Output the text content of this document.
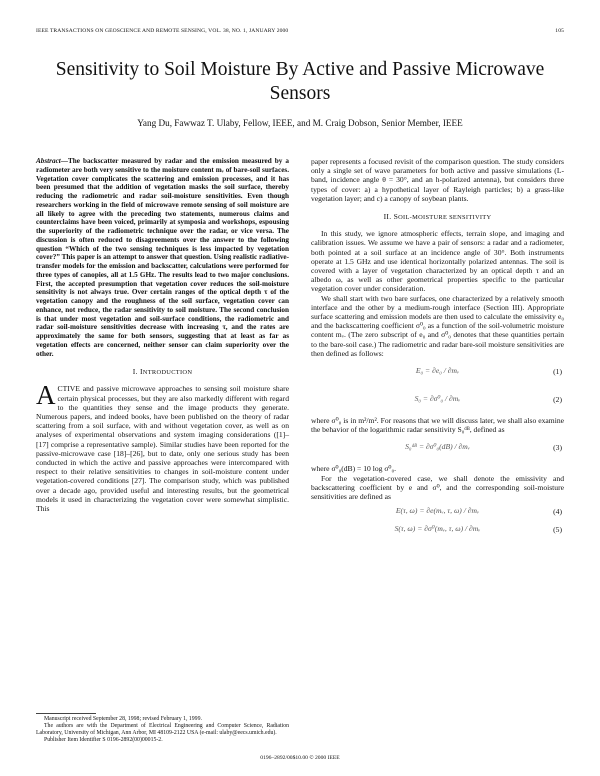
IEEE TRANSACTIONS ON GEOSCIENCE AND REMOTE SENSING, VOL. 38, NO. 1, JANUARY 2000	105
Sensitivity to Soil Moisture By Active and Passive Microwave Sensors
Yang Du, Fawwaz T. Ulaby, Fellow, IEEE, and M. Craig Dobson, Senior Member, IEEE

Abstract—The backscatter measured by radar and the emission measured by a radiometer are both very sensitive to the moisture content mᵥ of bare-soil surfaces. Vegetation cover complicates the scattering and emission processes, and it has been presumed that the addition of vegetation masks the soil surface, thereby reducing the radiometric and radar soil-moisture sensitivities. Even though researchers working in the field of microwave remote sensing of soil moisture are all likely to agree with the preceding two statements, numerous claims and counterclaims have been voiced, primarily at symposia and workshops, espousing the superiority of the radiometric technique over the radar, or vice versa. The discussion is often reduced to disagreements over the answer to the following question “Which of the two sensing techniques is less impacted by vegetation cover?” This paper is an attempt to answer that question. Using realistic radiative-transfer models for the emission and backscatter, calculations were performed for three types of canopies, all at 1.5 GHz. The results lead to two major conclusions. First, the accepted presumption that vegetation cover reduces the soil-moisture sensitivity is not always true. Over certain ranges of the optical depth τ of the vegetation canopy and the roughness of the soil surface, vegetation cover can enhance, not reduce, the radar sensitivity to soil moisture. The second conclusion is that under most vegetation and soil-surface conditions, the radiometric and radar soil-moisture sensitivities decrease with increasing τ, and the rates are approximately the same for both sensors, suggesting that at least as far as vegetation effects are concerned, neither sensor can claim superiority over the other.

I. INTRODUCTION

ACTIVE and passive microwave approaches to sensing soil moisture share certain physical processes, but they are also markedly different with regard to the quantities they sense and the image products they generate. Numerous papers, and indeed books, have been published on the theory of radar scattering from a soil surface, with and without vegetation cover, as well as on analyses of experimental observations and system imaging considerations ([1]–[17] comprise a representative sample). Similar studies have been reported for the passive-microwave case [18]–[26], but to date, only one serious study has been conducted in which the active and passive approaches were intercompared with respect to their relative sensitivities to changes in soil-moisture content under vegetation-covered conditions [27]. The comparison study, which was published over a decade ago, provided useful and interesting results, but the geometrical models it used in characterizing the vegetation cover were somewhat simplistic. This

Manuscript received September 28, 1998; revised February 1, 1999.

The authors are with the Department of Electrical Engineering and Computer Science, Radiation Laboratory, University of Michigan, Ann Arbor, MI 48109-2122 USA (e-mail: ulaby@eecs.umich.edu).

Publisher Item Identifier S 0196-2892(00)00015-2.

paper represents a focused revisit of the comparison question. The study considers only a single set of wave parameters for both active and passive simulations (L-band, incidence angle θ = 30°, and an h-polarized antenna), but considers three types of cover: a) a hypothetical layer of Rayleigh particles; b) a grass-like vegetation layer; and c) a canopy of soybean plants.

II. SOIL-MOISTURE SENSITIVITY

In this study, we ignore atmospheric effects, terrain slope, and imaging and calibration issues. We assume we have a pair of sensors: a radar and a radiometer, both pointed at a soil surface at an incidence angle of 30°. Both instruments operate at 1.5 GHz and use identical horizontally polarized antennas. The soil is covered with a layer of vegetation characterized by an optical depth τ and an albedo ω, as well as other geometrical properties specific to the particular vegetation cover under consideration.

We shall start with two bare surfaces, one characterized by a relatively smooth interface and the other by a medium-rough interface (Section III). Appropriate surface scattering and emission models are then used to calculate the emissivity e₀ and the backscattering coefficient σ⁰₀ as a function of the soil-volumetric moisture content mᵥ. (The zero subscript of e₀ and σ⁰₀ denotes that these quantities pertain to the bare-soil case.) The radiometric and radar bare-soil moisture sensitivities are then defined as follows:

E₀ = ∂e₀ / ∂mᵥ	(1)
S₀ = ∂σ⁰₀ / ∂mᵥ	(2)

where σ⁰₀ is in m²/m². For reasons that we will discuss later, we shall also examine the behavior of the logarithmic radar sensitivity S₀ᵈᴮ, defined as

S₀ᵈᴮ = ∂σ⁰₀(dB) / ∂mᵥ	(3)

where σ⁰₀(dB) = 10 log σ⁰₀.

For the vegetation-covered case, we shall denote the emissivity and backscattering coefficient by e and σ⁰, and the corresponding soil-moisture sensitivities are defined as

E(τ, ω) = ∂e(mᵥ, τ, ω) / ∂mᵥ	(4)
S(τ, ω) = ∂σ⁰(mᵥ, τ, ω) / ∂mᵥ	(5)
0196–2892/00$10.00 © 2000 IEEE
